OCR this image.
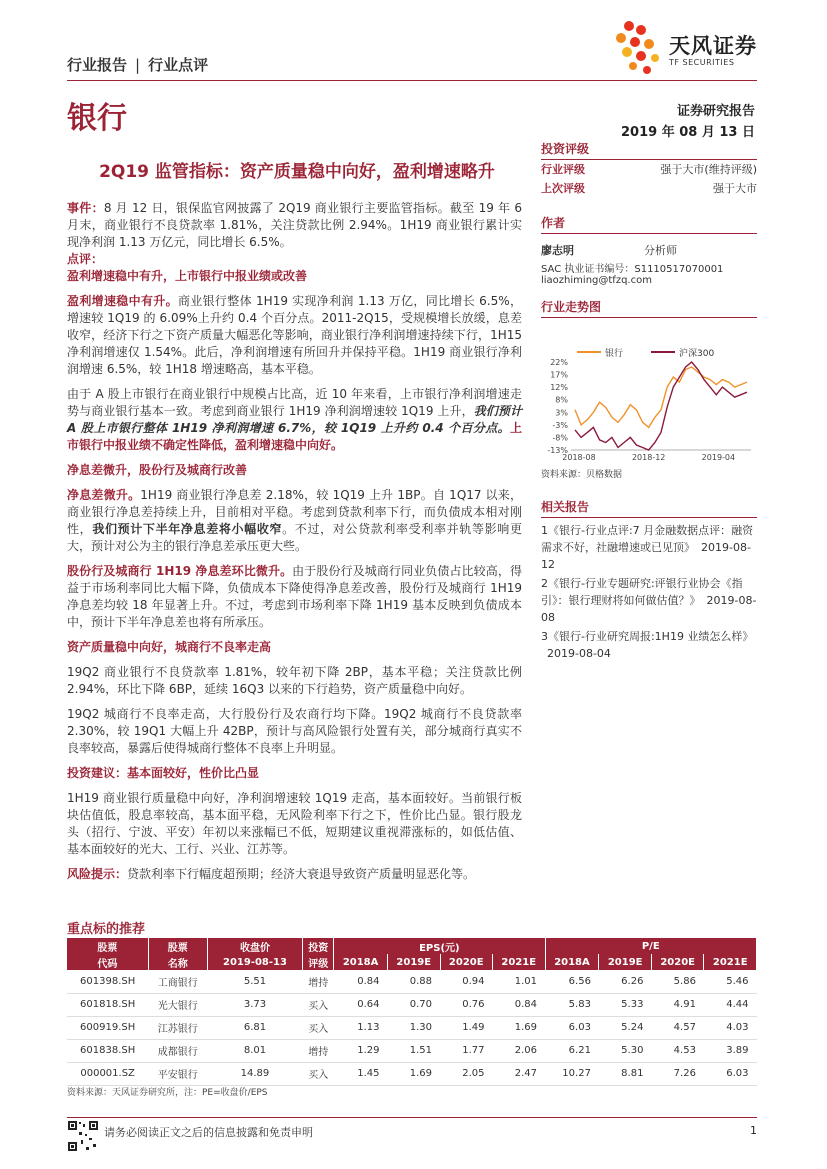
行业报告 | 行业点评
天风证券
TF SECURITIES
银行	证券研究报告
2019 年 08 月 13 日
2Q19 监管指标：资产质量稳中向好，盈利增速略升

事件：8 月 12 日，银保监官网披露了 2Q19 商业银行主要监管指标。截至 19 年 6 月末，商业银行不良贷款率 1.81%，关注贷款比例 2.94%。1H19 商业银行累计实现净利润 1.13 万亿元，同比增长 6.5%。

点评：
盈利增速稳中有升，上市银行中报业绩或改善

盈利增速稳中有升。商业银行整体 1H19 实现净利润 1.13 万亿，同比增长 6.5%，增速较 1Q19 的 6.09%上升约 0.4 个百分点。2011-2Q15，受规模增长放缓，息差收窄，经济下行之下资产质量大幅恶化等影响，商业银行净利润增速持续下行，1H15 净利润增速仅 1.54%。此后，净利润增速有所回升并保持平稳。1H19 商业银行净利润增速 6.5%，较 1H18 增速略高，基本平稳。

由于 A 股上市银行在商业银行中规模占比高，近 10 年来看，上市银行净利润增速走势与商业银行基本一致。考虑到商业银行 1H19 净利润增速较 1Q19 上升，我们预计 A 股上市银行整体 1H19 净利润增速 6.7%，较 1Q19 上升约 0.4 个百分点。上市银行中报业绩不确定性降低，盈利增速稳中向好。

净息差微升，股份行及城商行改善

净息差微升。1H19 商业银行净息差 2.18%，较 1Q19 上升 1BP。自 1Q17 以来，商业银行净息差持续上升，目前相对平稳。考虑到贷款利率下行，而负债成本相对刚性，我们预计下半年净息差将小幅收窄。不过，对公贷款利率受利率并轨等影响更大，预计对公为主的银行净息差承压更大些。

股份行及城商行 1H19 净息差环比微升。由于股份行及城商行同业负债占比较高，得益于市场利率同比大幅下降，负债成本下降使得净息差改善，股份行及城商行 1H19 净息差均较 18 年显著上升。不过，考虑到市场利率下降 1H19 基本反映到负债成本中，预计下半年净息差也将有所承压。

资产质量稳中向好，城商行不良率走高

19Q2 商业银行不良贷款率 1.81%，较年初下降 2BP，基本平稳；关注贷款比例 2.94%，环比下降 6BP，延续 16Q3 以来的下行趋势，资产质量稳中向好。

19Q2 城商行不良率走高，大行股份行及农商行均下降。19Q2 城商行不良贷款率 2.30%，较 19Q1 大幅上升 42BP，预计与高风险银行处置有关，部分城商行真实不良率较高，暴露后使得城商行整体不良率上升明显。

投资建议：基本面较好，性价比凸显

1H19 商业银行质量稳中向好，净利润增速较 1Q19 走高，基本面较好。当前银行板块估值低，股息率较高，基本面平稳，无风险利率下行之下，性价比凸显。银行股龙头（招行、宁波、平安）年初以来涨幅已不低，短期建议重视滞涨标的，如低估值、基本面较好的光大、工行、兴业、江苏等。

风险提示：贷款利率下行幅度超预期；经济大衰退导致资产质量明显恶化等。

投资评级
行业评级	强于大市(维持评级)
上次评级	强于大市
作者
廖志明	分析师
SAC 执业证书编号：S1110517070001
liaozhiming@tfzq.com
行业走势图
银行	沪深300
22%
17%
12%
8%
3%
-3%
-8%
-13%
2018-08	2018-12	2019-04
资料来源：贝格数据
相关报告
1《银行-行业点评:7 月金融数据点评：融资需求不好，社融增速或已见顶》 2019-08-12
2《银行-行业专题研究:评银行业协会《指引》：银行理财将如何做估值？》 2019-08-08
3《银行-行业研究周报:1H19 业绩怎么样》2019-08-04
重点标的推荐
股票	股票	收盘价	投资	EPS(元)				P/E			
代码	名称	2019-08-13	评级	2018A	2019E	2020E	2021E	2018A	2019E	2020E	2021E
601398.SH	工商银行	5.51	增持	0.84	0.88	0.94	1.01	6.56	6.26	5.86	5.46
601818.SH	光大银行	3.73	买入	0.64	0.70	0.76	0.84	5.83	5.33	4.91	4.44
600919.SH	江苏银行	6.81	买入	1.13	1.30	1.49	1.69	6.03	5.24	4.57	4.03
601838.SH	成都银行	8.01	增持	1.29	1.51	1.77	2.06	6.21	5.30	4.53	3.89
000001.SZ	平安银行	14.89	买入	1.45	1.69	2.05	2.47	10.27	8.81	7.26	6.03
资料来源：天风证券研究所，注：PE=收盘价/EPS
请务必阅读正文之后的信息披露和免责申明	1
